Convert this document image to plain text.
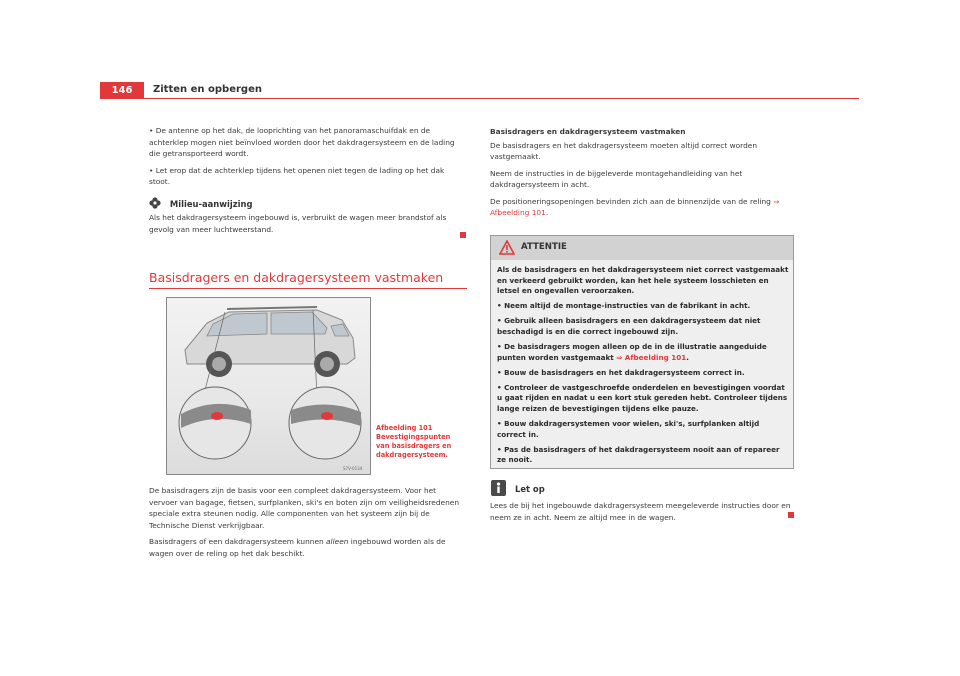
146	Zitten en opbergen

• De antenne op het dak, de looprichting van het panoramaschuifdak en de achterklep mogen niet beïnvloed worden door het dakdragersysteem en de lading die getransporteerd wordt.

• Let erop dat de achterklep tijdens het openen niet tegen de lading op het dak stoot.

Milieu-aanwijzing
Als het dakdragersysteem ingebouwd is, verbruikt de wagen meer brandstof als gevolg van meer luchtweerstand.
Basisdragers en dakdragersysteem vastmaken
S7V-0134
Afbeelding 101 Bevestigingspunten van basisdragers en dakdragersysteem.

De basisdragers zijn de basis voor een compleet dakdragersysteem. Voor het vervoer van bagage, fietsen, surfplanken, ski's en boten zijn om veiligheidsredenen speciale extra steunen nodig. Alle componenten van het systeem zijn bij de Technische Dienst verkrijgbaar.

Basisdragers of een dakdragersysteem kunnen alleen ingebouwd worden als de wagen over de reling op het dak beschikt.

Basisdragers en dakdragersysteem vastmaken

De basisdragers en het dakdragersysteem moeten altijd correct worden vastgemaakt.

Neem de instructies in de bijgeleverde montagehandleiding van het dakdragersysteem in acht.

De positioneringsopeningen bevinden zich aan de binnenzijde van de reling ⇒ Afbeelding 101.

ATTENTIE

Als de basisdragers en het dakdragersysteem niet correct vastgemaakt en verkeerd gebruikt worden, kan het hele systeem losschieten en letsel en ongevallen veroorzaken.

• Neem altijd de montage-instructies van de fabrikant in acht.

• Gebruik alleen basisdragers en een dakdragersysteem dat niet beschadigd is en die correct ingebouwd zijn.

• De basisdragers mogen alleen op de in de illustratie aangeduide punten worden vastgemaakt ⇒ Afbeelding 101.

• Bouw de basisdragers en het dakdragersysteem correct in.

• Controleer de vastgeschroefde onderdelen en bevestigingen voordat u gaat rijden en nadat u een kort stuk gereden hebt. Controleer tijdens lange reizen de bevestigingen tijdens elke pauze.

• Bouw dakdragersystemen voor wielen, ski's, surfplanken altijd correct in.

• Pas de basisdragers of het dakdragersysteem nooit aan of repareer ze nooit.

Let op
Lees de bij het ingebouwde dakdragersysteem meegeleverde instructies door en neem ze in acht. Neem ze altijd mee in de wagen.
